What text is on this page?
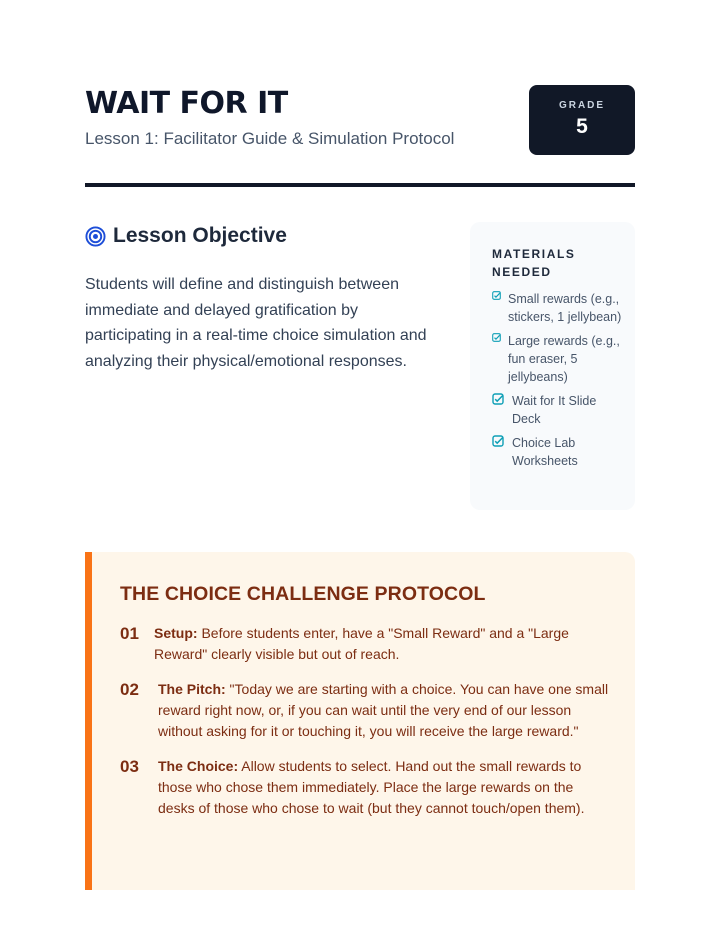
WAIT FOR IT

Lesson 1: Facilitator Guide & Simulation Protocol

GRADE
5
Lesson Objective

Students will define and distinguish between immediate and delayed gratification by participating in a real-time choice simulation and analyzing their physical/emotional responses.

MATERIALS NEEDED
Small rewards (e.g., stickers, 1 jellybean)
Large rewards (e.g., fun eraser, 5 jellybeans)
Wait for It Slide Deck
Choice Lab Worksheets
THE CHOICE CHALLENGE PROTOCOL
01	Setup: Before students enter, have a "Small Reward" and a "Large Reward" clearly visible but out of reach.
02	The Pitch: "Today we are starting with a choice. You can have one small reward right now, or, if you can wait until the very end of our lesson without asking for it or touching it, you will receive the large reward."
03	The Choice: Allow students to select. Hand out the small rewards to those who chose them immediately. Place the large rewards on the desks of those who chose to wait (but they cannot touch/open them).
